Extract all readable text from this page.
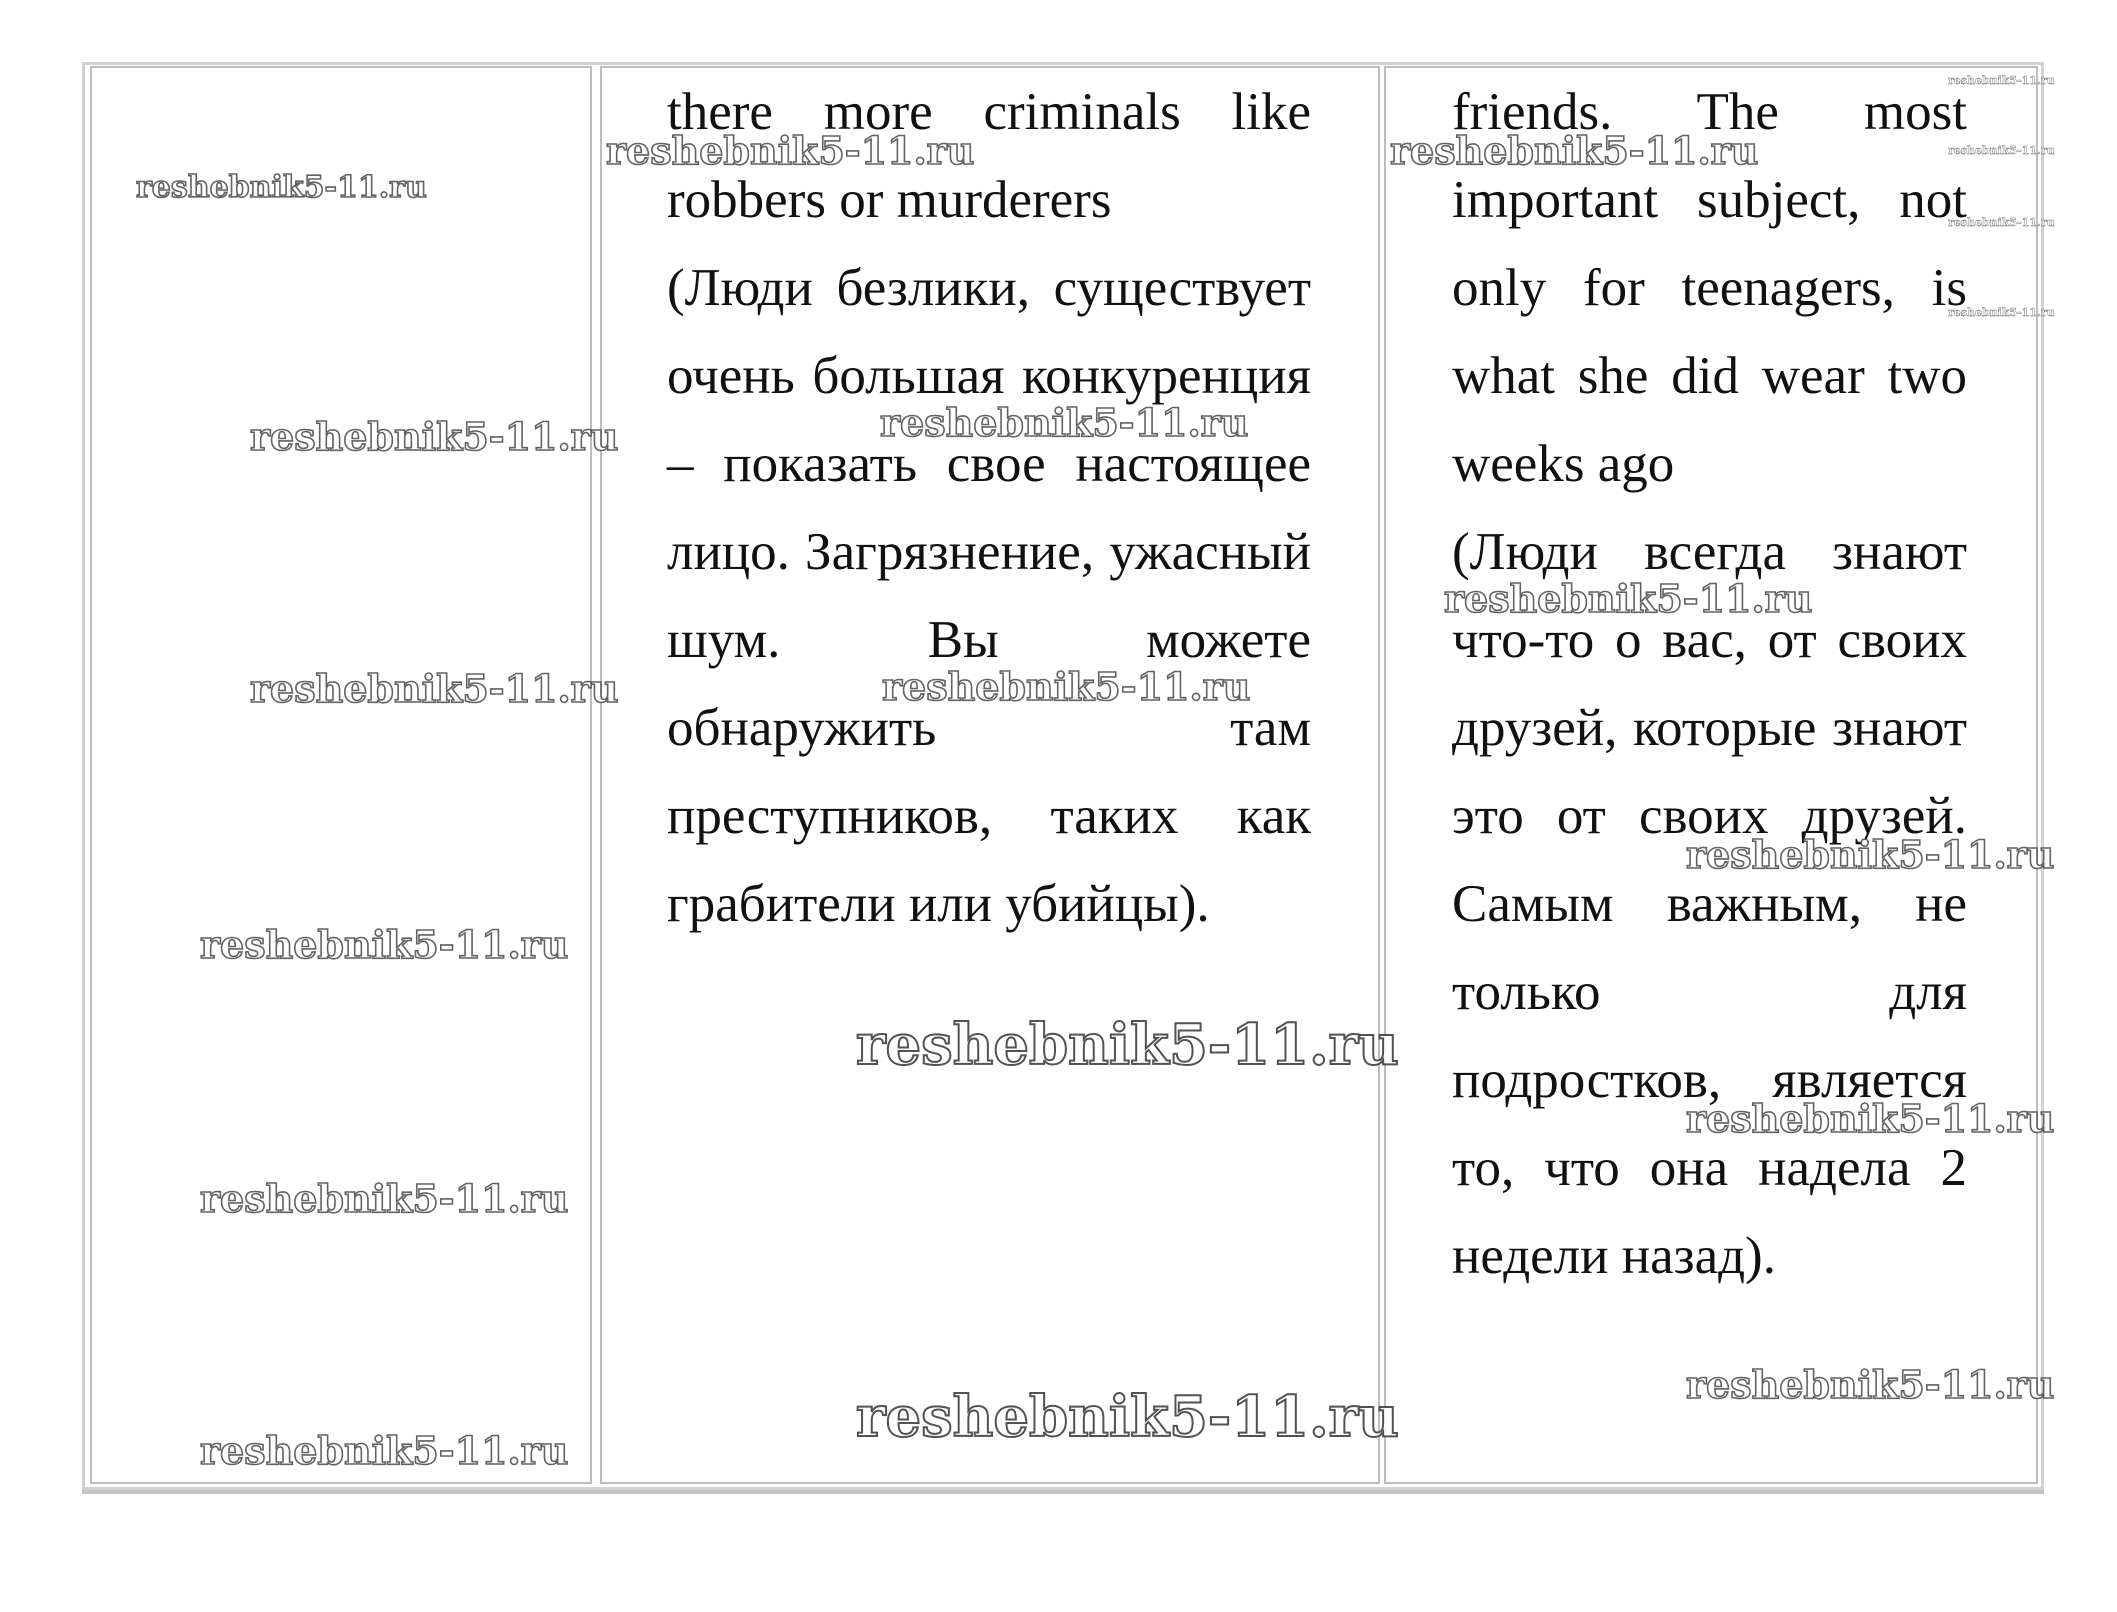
there more criminals like robbers or murderers

(Люди безлики, существует очень большая конкуренция – показать свое настоящее лицо. Загрязнение, ужасный шум. Вы можете обнаружить там преступников, таких как грабители или убийцы).

friends. The most important subject, not only for teenagers, is what she did wear two weeks ago

(Люди всегда знают что-то о вас, от своих друзей, которые знают это от своих друзей. Самым важным, не только для подростков, является то, что она надела 2 недели назад).

reshebnik5-11.ru
reshebnik5-11.ru
reshebnik5-11.ru
reshebnik5-11.ru
reshebnik5-11.ru
reshebnik5-11.ru
reshebnik5-11.ru
reshebnik5-11.ru
reshebnik5-11.ru
reshebnik5-11.ru
reshebnik5-11.ru
reshebnik5-11.ru
reshebnik5-11.ru
reshebnik5-11.ru
reshebnik5-11.ru
reshebnik5-11.ru
reshebnik5-11.ru
reshebnik5-11.ru
reshebnik5-11.ru
reshebnik5-11.ru
